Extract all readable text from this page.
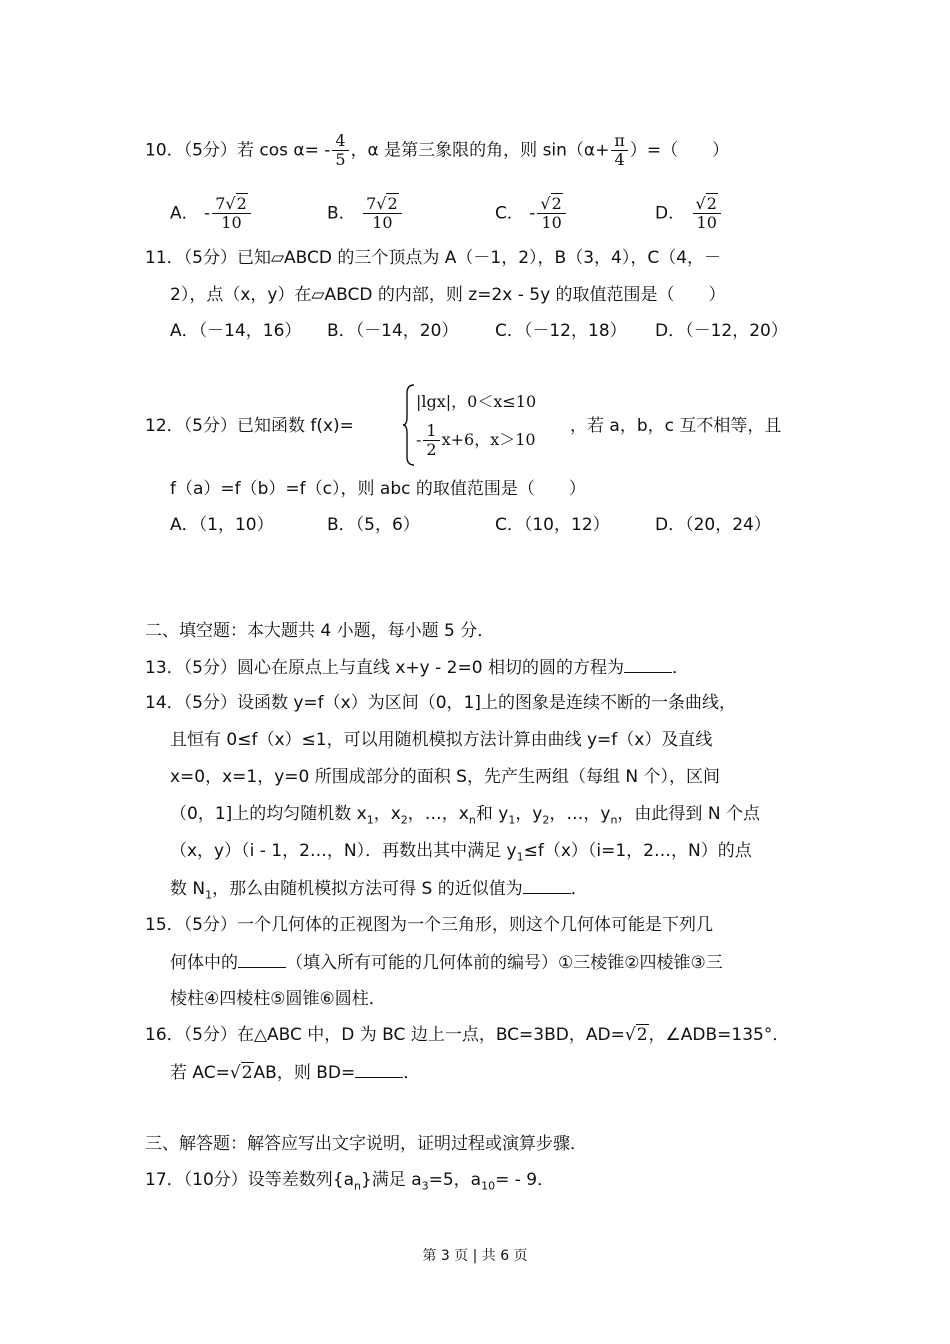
10．（5分）若 $\cos \alpha= - \frac{4}{5}$ ，α 是第三象限的角，则 $\sin(\alpha+ \frac{\pi}{4}$ ）=（　　）
A． - $\frac{7√2}{10}$	B． $\frac{7√2}{10}$	C． - $\frac{√2}{10}$	D． $\frac{√2}{10}$
11．（5分）已知▱ABCD 的三个顶点为 A（－1，2），B（3，4），C（4，－
2），点（x，y）在▱ABCD 的内部，则 z=2x - 5y 的取值范围是（　　）
A．（－14，16） B．（－14，20） C．（－12，18） D．（－12，20）
12．（5分）已知函数 f(x)=
|lgx|，0＜x≤10
- $\frac{1}{2} x+6$，x＞10
，若 a，b，c 互不相等，且
f（a）=f（b）=f（c），则 abc 的取值范围是（　　）
A．（1，10）	B．（5，6）	C．（10，12）	D．（20，24）
二、填空题：本大题共 4 小题，每小题 5 分．
13．（5分）圆心在原点上与直线 x+y - 2=0 相切的圆的方程为	．
14．（5分）设函数 y=f（x）为区间（0，1]上的图象是连续不断的一条曲线，
且恒有 0≤f（x）≤1，可以用随机模拟方法计算由曲线 y=f（x）及直线
x=0，x=1，y=0 所围成部分的面积 S，先产生两组（每组 N 个），区间
（0，1]上的均匀随机数 $x_1$，$x_2$，…，$x_n$和 $y_1$，$y_2$，…，$y_n$，由此得到 N 个点
（x，y）（i - 1，2…，N）．再数出其中满足 $y_1\le f(x)(i=1$，2…，N）的点
数 $N_1$，那么由随机模拟方法可得 S 的近似值为	．
15．（5分）一个几何体的正视图为一个三角形，则这个几何体可能是下列几
何体中的	（填入所有可能的几何体前的编号）①三棱锥②四棱锥③三
棱柱④四棱柱⑤圆锥⑥圆柱．
16．（5分）在△ABC 中，D 为 BC 边上一点，BC=3BD，AD=√2，∠ADB=135°．
若 AC=√2AB，则 BD=	．
三、解答题：解答应写出文字说明，证明过程或演算步骤．
17．（10分）设等差数列$\{a_n\}$满足 $a_3=5$，$a_{10}= - 9$．
第 3 页 | 共 6 页
